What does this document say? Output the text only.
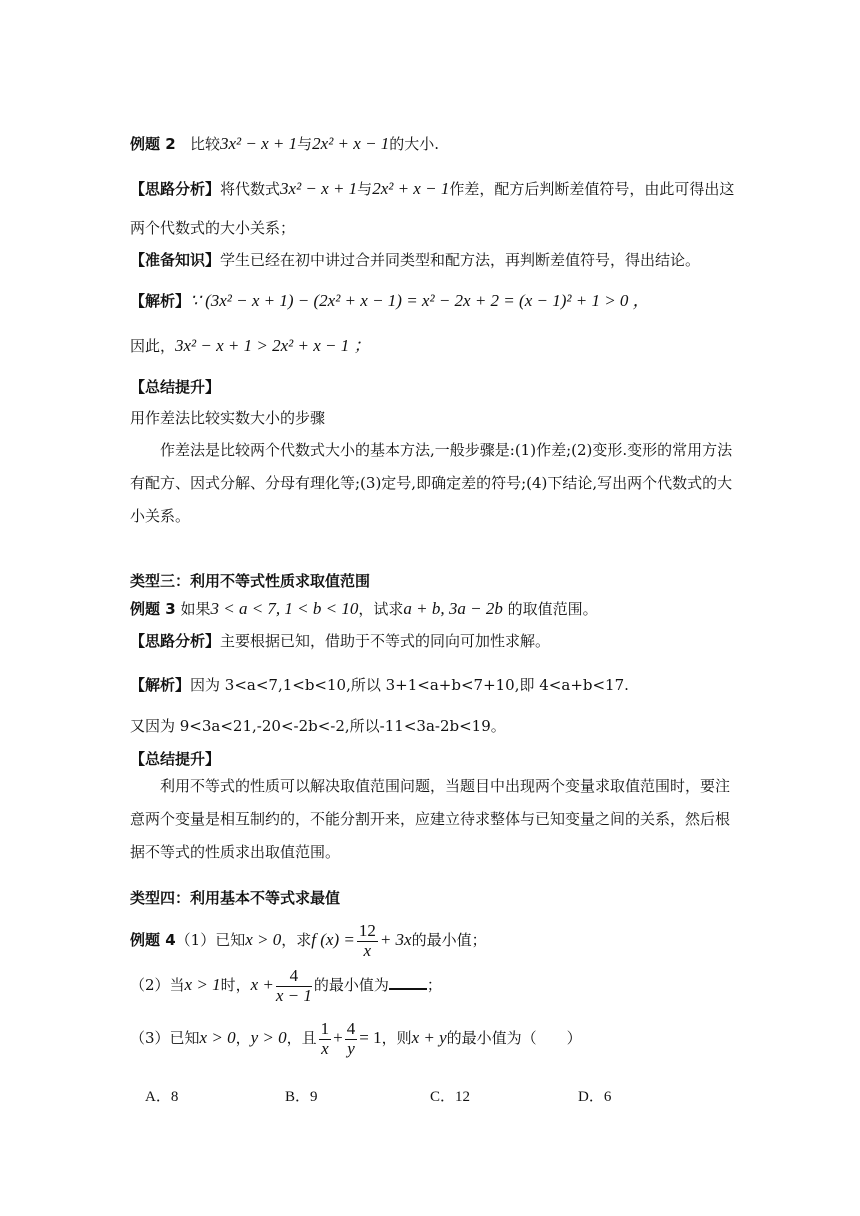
例题 2 比较3x² − x + 1与2x² + x − 1的大小.
【思路分析】将代数式3x² − x + 1与2x² + x − 1作差，配方后判断差值符号，由此可得出这
两个代数式的大小关系；
【准备知识】学生已经在初中讲过合并同类型和配方法，再判断差值符号，得出结论。
【解析】∵ (3x² − x + 1) − (2x² + x − 1) = x² − 2x + 2 = (x − 1)² + 1 > 0 ，
因此，3x² − x + 1 > 2x² + x − 1 ；
【总结提升】
用作差法比较实数大小的步骤

作差法是比较两个代数式大小的基本方法,一般步骤是:(1)作差;(2)变形.变形的常用方法有配方、因式分解、分母有理化等;(3)定号,即确定差的符号;(4)下结论,写出两个代数式的大小关系。

类型三：利用不等式性质求取值范围
例题 3 如果3 < a < 7, 1 < b < 10，试求a + b, 3a − 2b 的取值范围。
【思路分析】主要根据已知，借助于不等式的同向可加性求解。
【解析】因为 3<a<7,1<b<10,所以 3+1<a+b<7+10,即 4<a+b<17.
又因为 9<3a<21,-20<-2b<-2,所以-11<3a-2b<19。
【总结提升】

利用不等式的性质可以解决取值范围问题，当题目中出现两个变量求取值范围时，要注意两个变量是相互制约的，不能分割开来，应建立待求整体与已知变量之间的关系，然后根据不等式的性质求出取值范围。

类型四：利用基本不等式求最值
例题 4（1）已知x > 0，求f $(x) = \frac{12}{x} + 3x$的最小值；
（2）当x > 1时，$x + \frac{4}{x - 1}$ 的最小值为	；
（3）已知x > 0，y > 0，且 $\frac{1}{x} + \frac{4}{y} = 1$，则x + y的最小值为（　　）
A．8	B．9	C．12	D．6
